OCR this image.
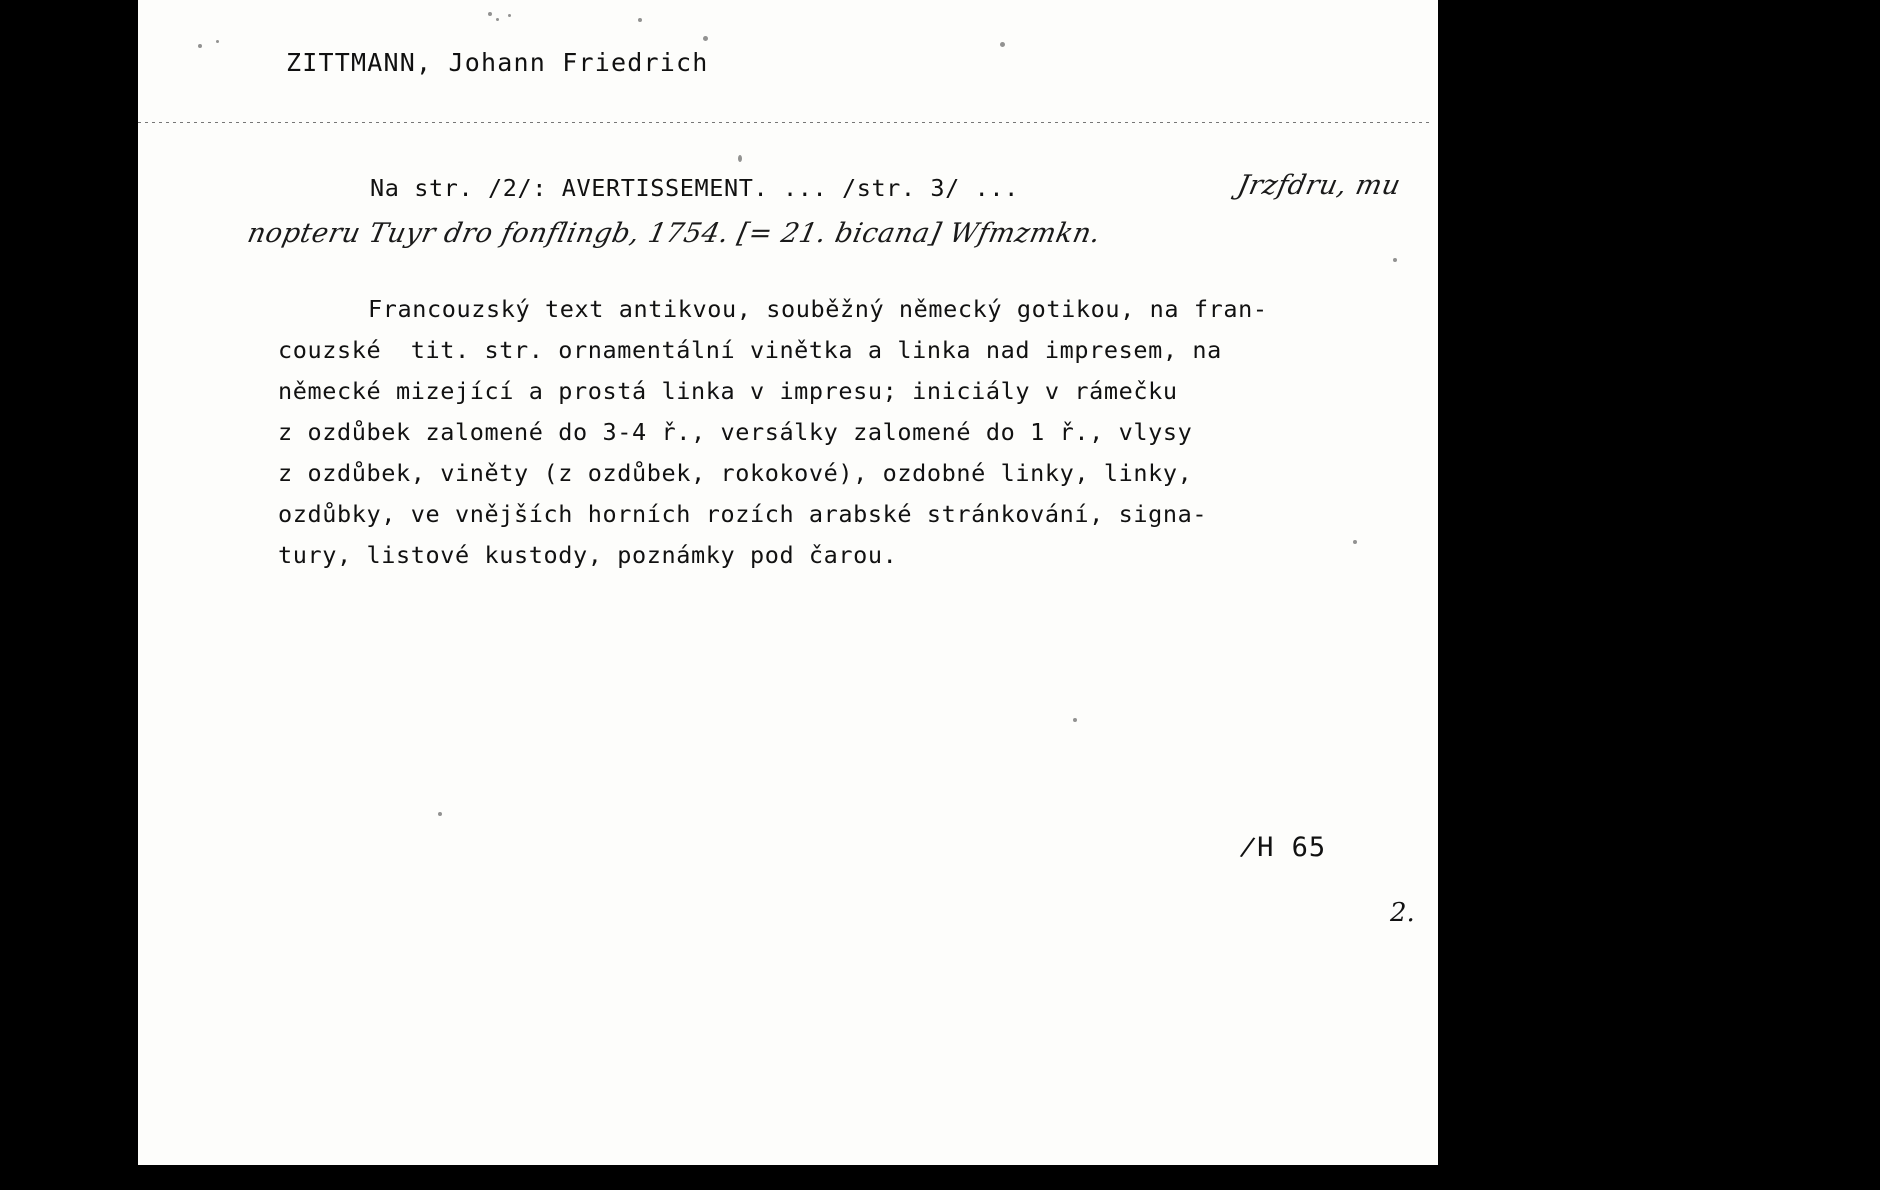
ZITTMANN, Johann Friedrich
Na str. /2/: AVERTISSEMENT. ... /str. 3/ ...	Jrzfdru, mu
nopteru Tuyr dro fonflingb, 1754. [= 21. bicana] Wfmzmkn.

Francouzský text antikvou, souběžný německý gotikou, na fran-

couzské  tit. str. ornamentální vinětka a linka nad impresem, na

německé mizející a prostá linka v impresu; iniciály v rámečku

z ozdůbek zalomené do 3-4 ř., versálky zalomené do 1 ř., vlysy

z ozdůbek, viněty (z ozdůbek, rokokové), ozdobné linky, linky,

ozdůbky, ve vnějších horních rozích arabské stránkování, signa-

tury, listové kustody, poznámky pod čarou.

∕H 65
2.
